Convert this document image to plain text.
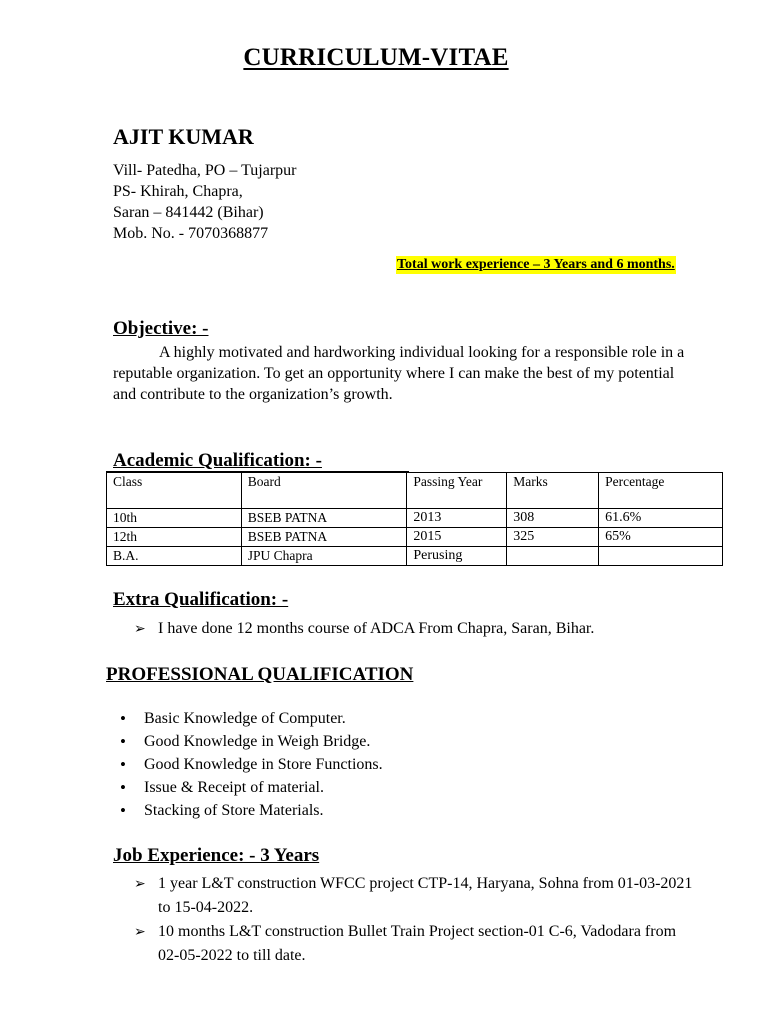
CURRICULUM-VITAE
AJIT KUMAR
Vill- Patedha, PO – Tujarpur
PS- Khirah, Chapra,
Saran – 841442 (Bihar)
Mob. No. - 7070368877
Total work experience – 3 Years and 6 months.
Objective: -
A highly motivated and hardworking individual looking for a responsible role in a reputable organization. To get an opportunity where I can make the best of my potential and contribute to the organization’s growth.
Academic Qualification: -
Class	Board	Passing Year	Marks	Percentage
10th	BSEB PATNA	2013	308	61.6%
12th	BSEB PATNA	2015	325	65%
B.A.	JPU Chapra	Perusing		
Extra Qualification: -
➢ I have done 12 months course of ADCA From Chapra, Saran, Bihar.
PROFESSIONAL QUALIFICATION
• Basic Knowledge of Computer.
• Good Knowledge in Weigh Bridge.
• Good Knowledge in Store Functions.
• Issue & Receipt of material.
• Stacking of Store Materials.
Job Experience: - 3 Years
➢ 1 year L&T construction WFCC project CTP-14, Haryana, Sohna from 01-03-2021 to 15-04-2022.
➢ 10 months L&T construction Bullet Train Project section-01 C-6, Vadodara from 02-05-2022 to till date.
